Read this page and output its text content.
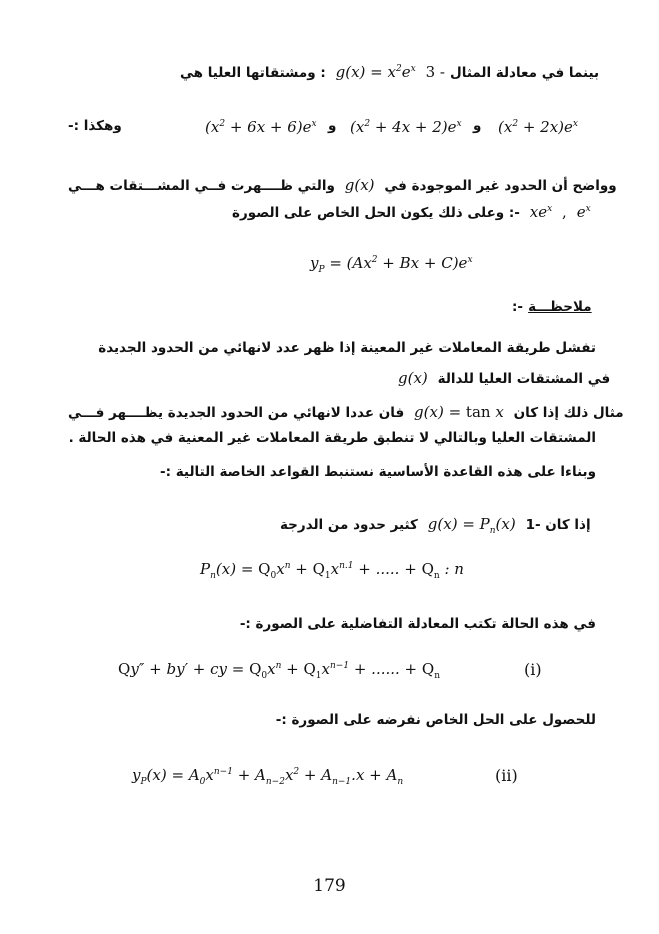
ومشتقاتها العليا هي :  $g(x) = x^2e^x$ 3 - بينما في معادلة المثال
وهكذا :-	$(x^2 + 6x + 6)e^x$ و $(x^2 + 4x + 2)e^x$ و $(x^2 + 2x)e^x$
والتي ظــــهرت فــي المشـــتقات هـــي  g(x)  وواضح أن الحدود غير الموجودة في
وعلى ذلك يكون الحل الخاص على الصورة :-  $xe^x$ ,  $e^x$
$y_P = (Ax^2 + Bx + C)e^x$
:- ملاحظـــة
تفشل طريقة المعاملات غير المعينة إذا ظهر عدد لانهائي من الحدود الجديدة
g(x)  في المشتقات العليا للدالة
فان عددا لانهائي من الحدود الجديدة يظــــهر فـــي  g(x) = tan x  مثال ذلك إذا كان
المشتقات العليا وبالتالي لا تنطبق طريقة المعاملات غير المعنية في هذه الحالة .
وبناءا على هذه القاعدة الأساسية نستنبط القواعد الخاصة التالية :-
كثير حدود من الدرجة  $g(x) = P_n(x)$  1- إذا كان
$P_n(x) = Q_0x^n + Q_1x^{n.1}$ + ..... + $Q_n$ : n
في هذه الحالة تكتب المعادلة التفاضلية على الصورة :-
Qy″ + by′ + cy = $Q_0x^n + Q_1x^{n-1}$ + ...... + $Q_n$	(i)
للحصول على الحل الخاص نفرضه على الصورة :-
$y_P(x) = A_0x^{n-1} + A_{n-2}x^2 + A_{n-1}.x + A_n$	(ii)
179
